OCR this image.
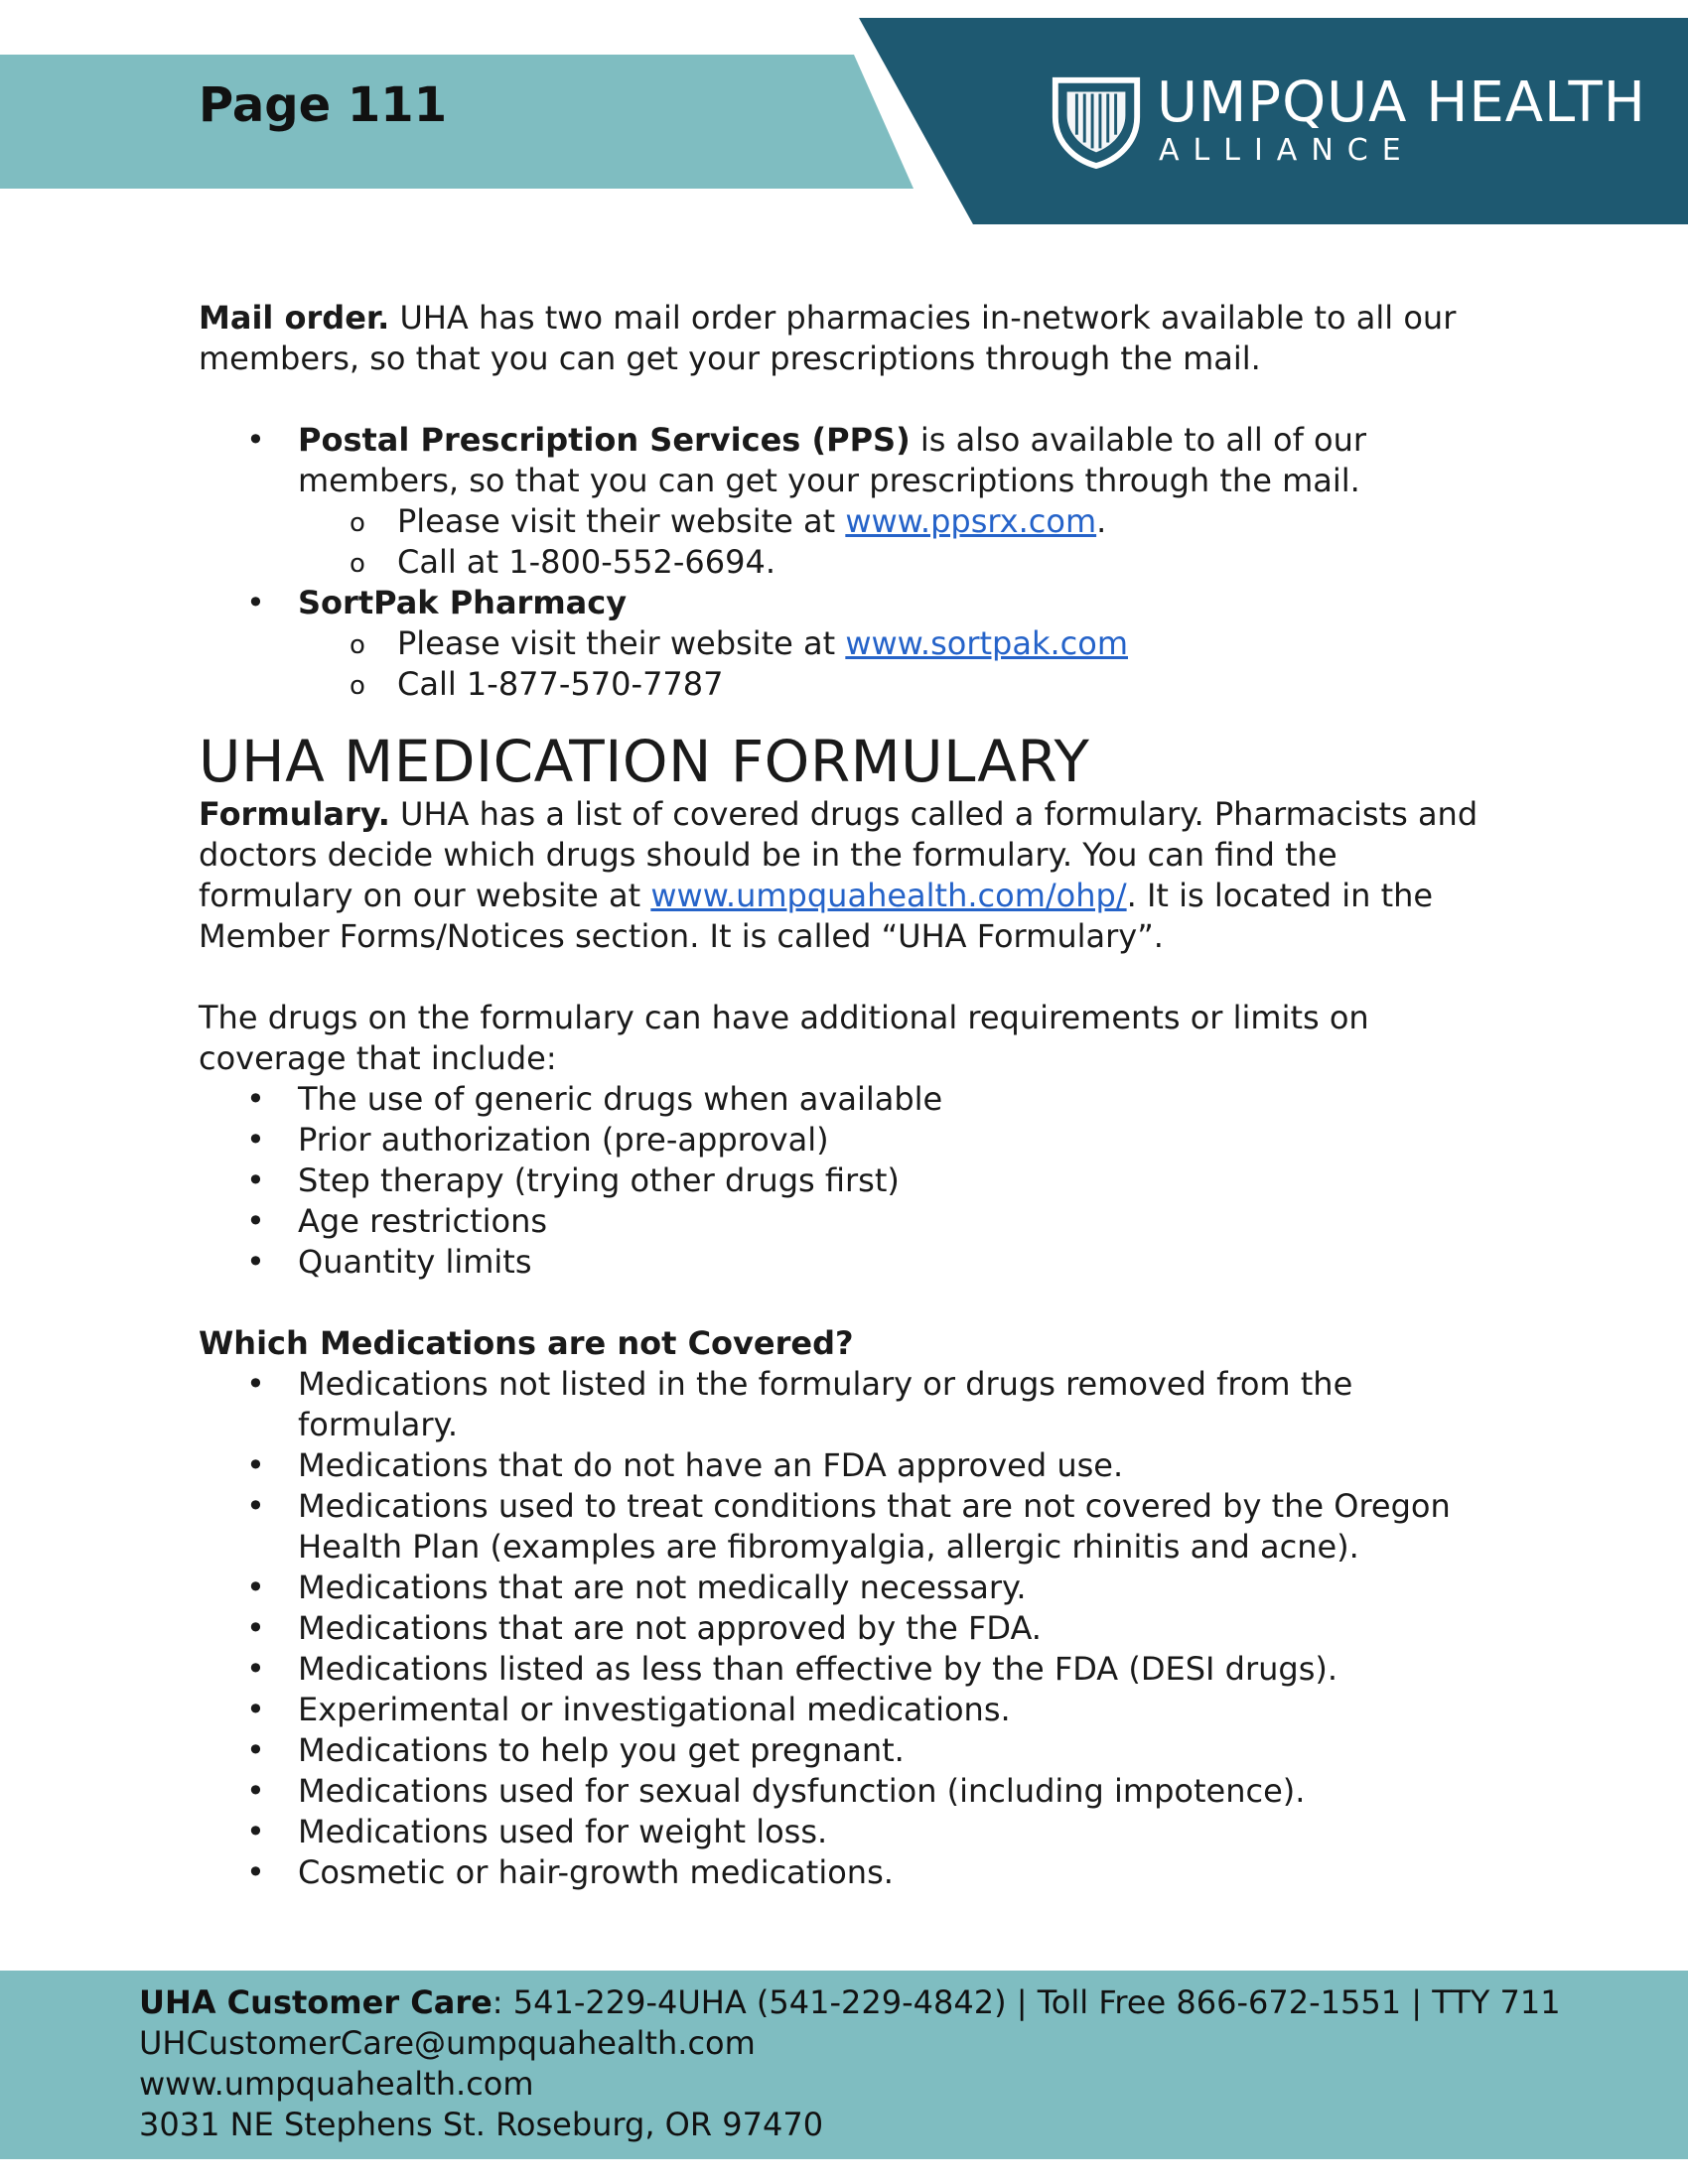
Page 111	UMPQUA HEALTH
ALLIANCE

Mail order. UHA has two mail order pharmacies in-network available to all our members, so that you can get your prescriptions through the mail.

• Postal Prescription Services (PPS) is also available to all of our members, so that you can get your prescriptions through the mail.
o Please visit their website at www.ppsrx.com.
o Call at 1-800-552-6694.
• SortPak Pharmacy
o Please visit their website at www.sortpak.com
o Call 1-877-570-7787
UHA MEDICATION FORMULARY

Formulary. UHA has a list of covered drugs called a formulary. Pharmacists and doctors decide which drugs should be in the formulary. You can find the formulary on our website at www.umpquahealth.com/ohp/. It is located in the Member Forms/Notices section. It is called “UHA Formulary”.

The drugs on the formulary can have additional requirements or limits on coverage that include:

• The use of generic drugs when available
• Prior authorization (pre-approval)
• Step therapy (trying other drugs first)
• Age restrictions
• Quantity limits

Which Medications are not Covered?

• Medications not listed in the formulary or drugs removed from the formulary.
• Medications that do not have an FDA approved use.
• Medications used to treat conditions that are not covered by the Oregon Health Plan (examples are fibromyalgia, allergic rhinitis and acne).
• Medications that are not medically necessary.
• Medications that are not approved by the FDA.
• Medications listed as less than effective by the FDA (DESI drugs).
• Experimental or investigational medications.
• Medications to help you get pregnant.
• Medications used for sexual dysfunction (including impotence).
• Medications used for weight loss.
• Cosmetic or hair-growth medications.

UHA Customer Care: 541-229-4UHA (541-229-4842) | Toll Free 866-672-1551 | TTY 711

UHCustomerCare@umpquahealth.com

www.umpquahealth.com

3031 NE Stephens St. Roseburg, OR 97470
